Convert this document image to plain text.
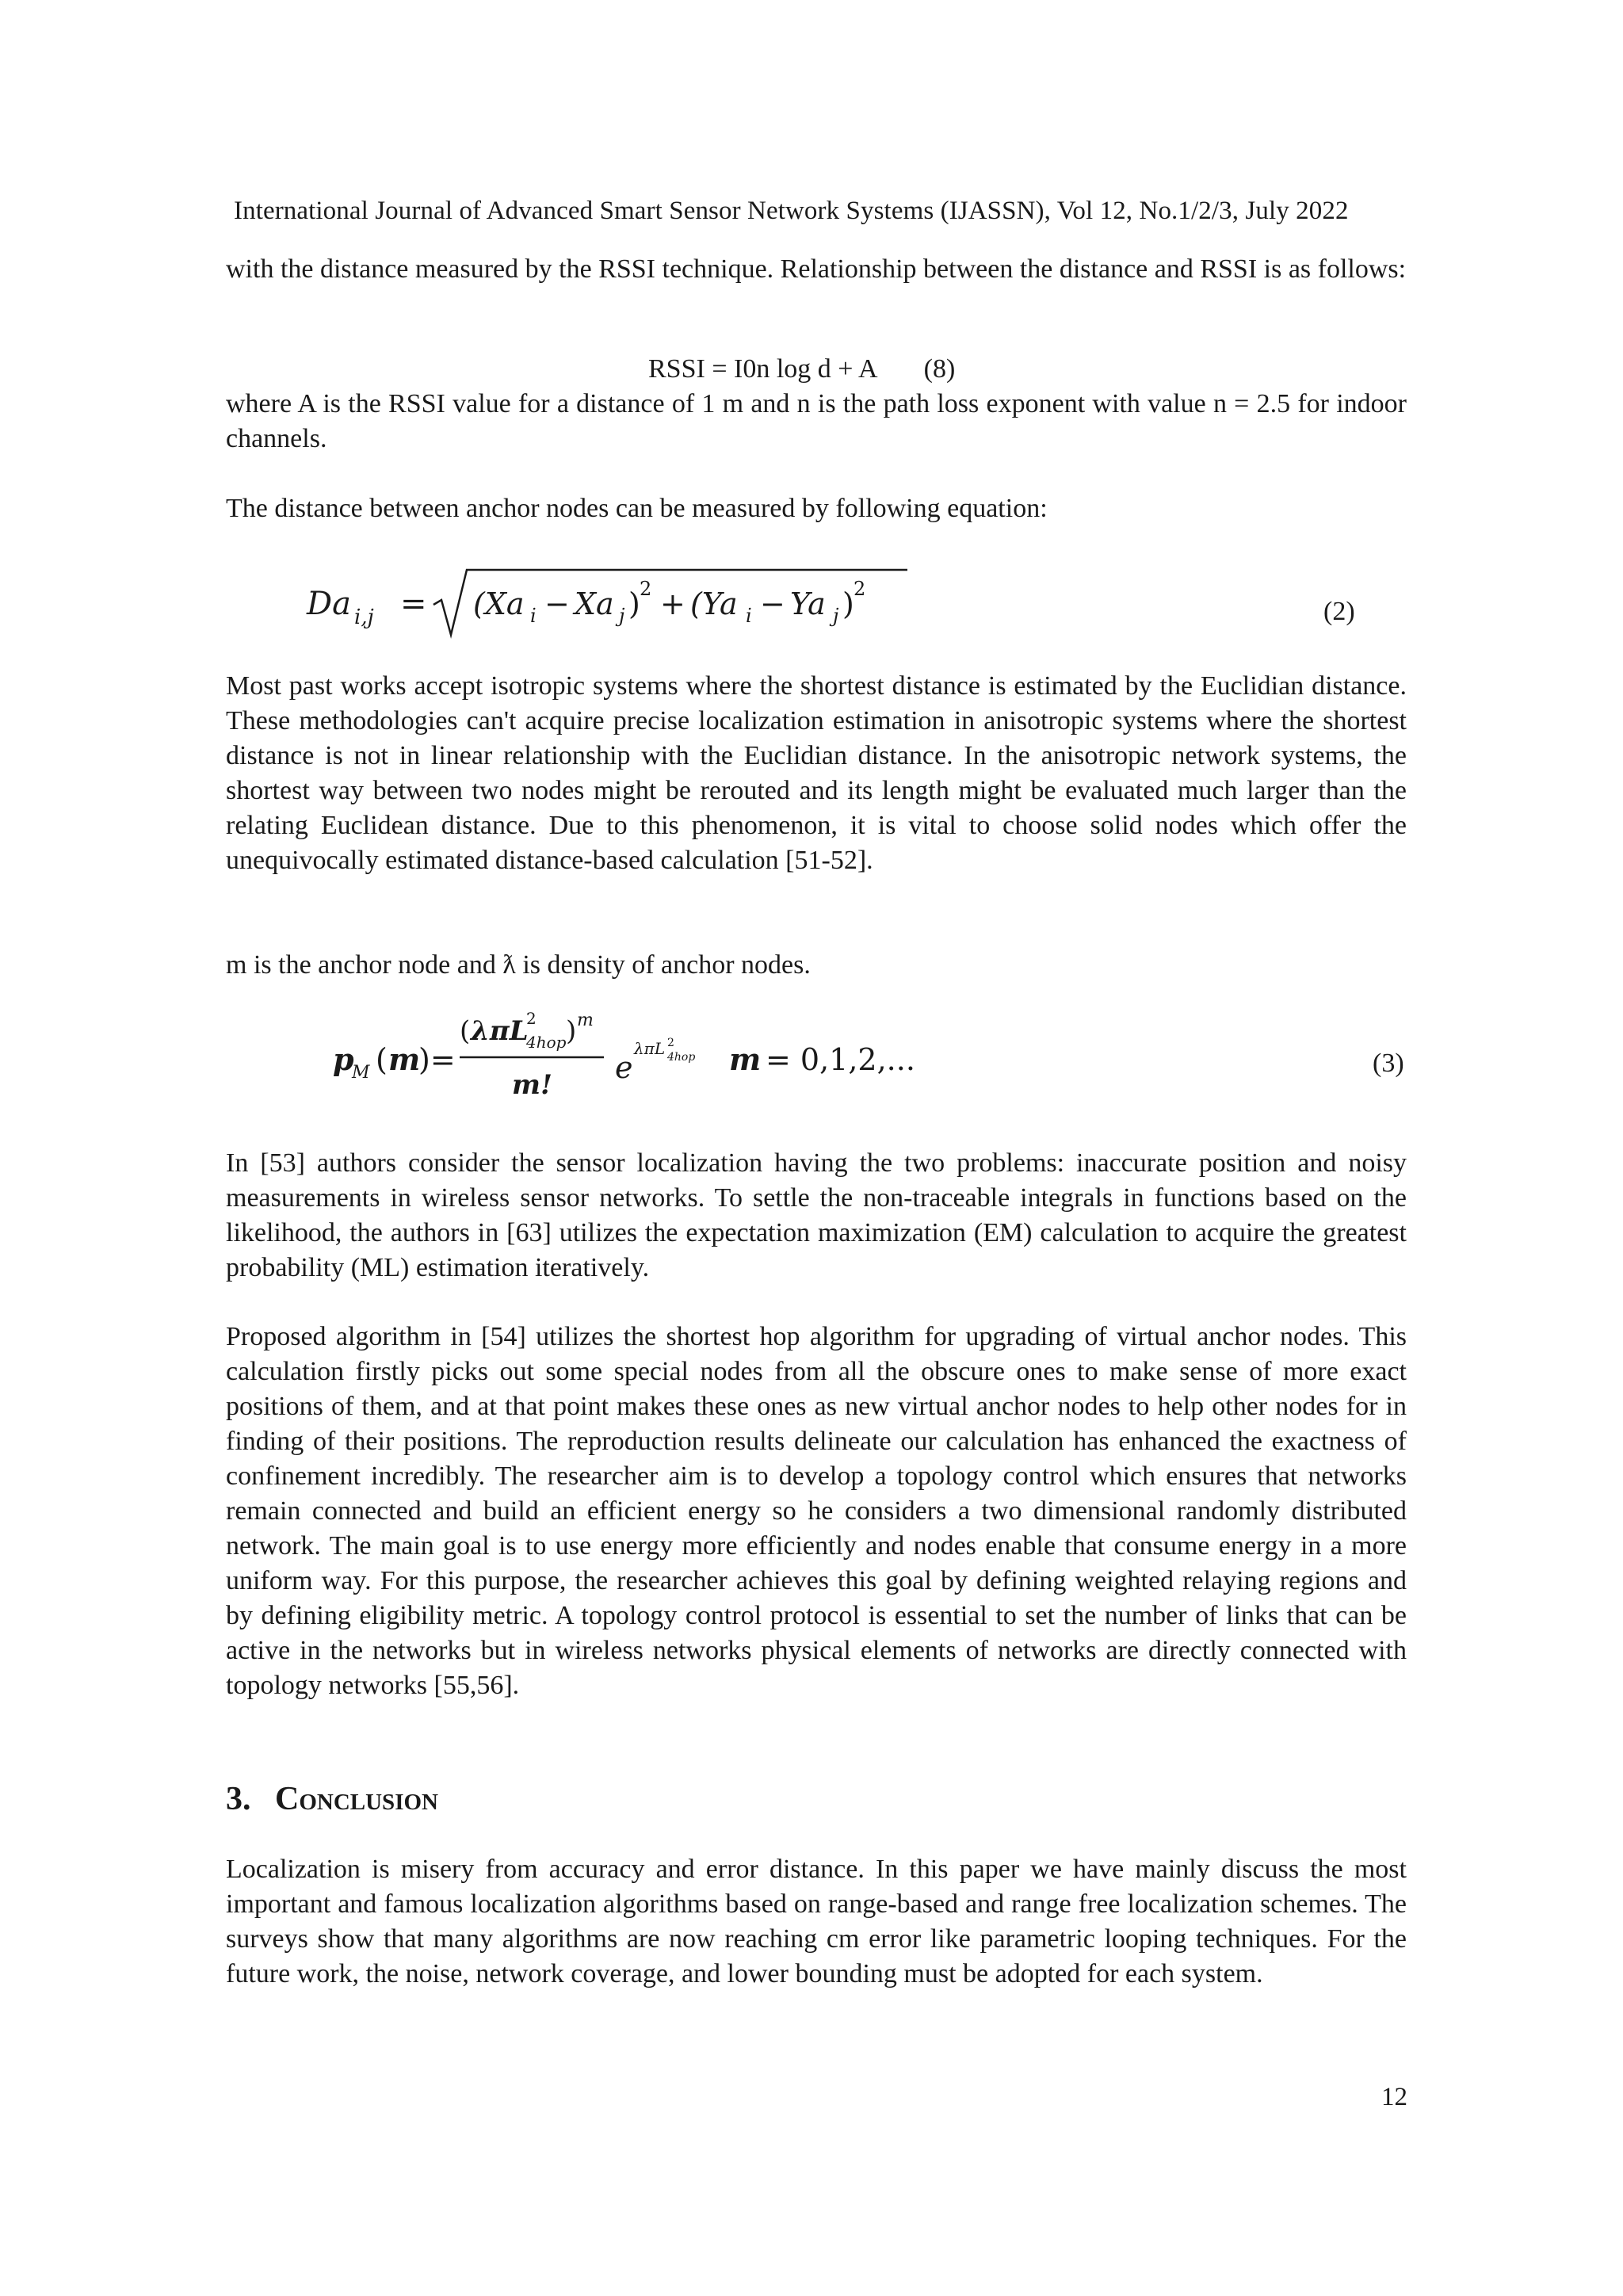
International Journal of Advanced Smart Sensor Network Systems (IJASSN), Vol 12, No.1/2/3, July 2022
with the distance measured by the RSSI technique. Relationship between the distance and RSSI is as follows:
RSSI = I0n log d + A (8)
where A is the RSSI value for a distance of 1 m and n is the path loss exponent with value n = 2.5 for indoor channels.
The distance between anchor nodes can be measured by following equation:
Da i,j = (Xa i − Xa j ) 2 + (Ya i − Ya j ) 2
(2)
Most past works accept isotropic systems where the shortest distance is estimated by the Euclidian distance. These methodologies can't acquire precise localization estimation in anisotropic systems where the shortest distance is not in linear relationship with the Euclidian distance. In the anisotropic network systems, the shortest way between two nodes might be rerouted and its length might be evaluated much larger than the relating Euclidean distance. Due to this phenomenon, it is vital to choose solid nodes which offer the unequivocally estimated distance-based calculation [51-52].
m is the anchor node and ƛ is density of anchor nodes.
p
M ( m
)=
( λπL
2
4hop ) m
m! e
λπL 2
4hop m = 0,1,2,...	(3)
In [53] authors consider the sensor localization having the two problems: inaccurate position and noisy measurements in wireless sensor networks. To settle the non-traceable integrals in functions based on the likelihood, the authors in [63] utilizes the expectation maximization (EM) calculation to acquire the greatest probability (ML) estimation iteratively.
Proposed algorithm in [54] utilizes the shortest hop algorithm for upgrading of virtual anchor nodes. This calculation firstly picks out some special nodes from all the obscure ones to make sense of more exact positions of them, and at that point makes these ones as new virtual anchor nodes to help other nodes for in finding of their positions. The reproduction results delineate our calculation has enhanced the exactness of confinement incredibly. The researcher aim is to develop a topology control which ensures that networks remain connected and build an efficient energy so he considers a two dimensional randomly distributed network. The main goal is to use energy more efficiently and nodes enable that consume energy in a more uniform way. For this purpose, the researcher achieves this goal by defining weighted relaying regions and by defining eligibility metric. A topology control protocol is essential to set the number of links that can be active in the networks but in wireless networks physical elements of networks are directly connected with topology networks [55,56].
3. Conclusion
Localization is misery from accuracy and error distance. In this paper we have mainly discuss the most important and famous localization algorithms based on range-based and range free localization schemes. The surveys show that many algorithms are now reaching cm error like parametric looping techniques. For the future work, the noise, network coverage, and lower bounding must be adopted for each system.
12
